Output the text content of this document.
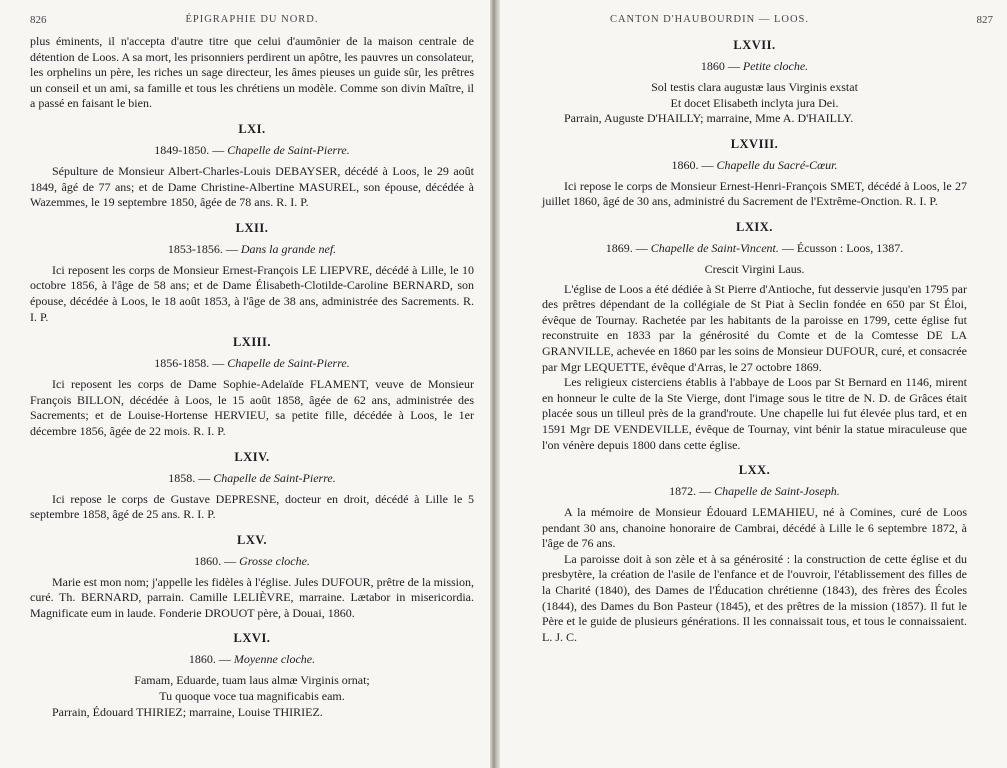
826	ÉPIGRAPHIE DU NORD.

plus éminents, il n'accepta d'autre titre que celui d'aumônier de la maison centrale de détention de Loos. A sa mort, les prisonniers perdirent un apôtre, les pauvres un consolateur, les orphelins un père, les riches un sage directeur, les âmes pieuses un guide sûr, les prêtres un conseil et un ami, sa famille et tous les chrétiens un modèle. Comme son divin Maître, il a passé en faisant le bien.

LXI.
1849-1850. — Chapelle de Saint-Pierre.

Sépulture de Monsieur Albert-Charles-Louis DEBAYSER, décédé à Loos, le 29 août 1849, âgé de 77 ans; et de Dame Christine-Albertine MASUREL, son épouse, décédée à Wazemmes, le 19 septembre 1850, âgée de 78 ans. R. I. P.

LXII.
1853-1856. — Dans la grande nef.

Ici reposent les corps de Monsieur Ernest-François LE LIEPVRE, décédé à Lille, le 10 octobre 1856, à l'âge de 58 ans; et de Dame Élisabeth-Clotilde-Caroline BERNARD, son épouse, décédée à Loos, le 18 août 1853, à l'âge de 38 ans, administrée des Sacrements. R. I. P.

LXIII.
1856-1858. — Chapelle de Saint-Pierre.

Ici reposent les corps de Dame Sophie-Adelaïde FLAMENT, veuve de Monsieur François BILLON, décédée à Loos, le 15 août 1858, âgée de 62 ans, administrée des Sacrements; et de Louise-Hortense HERVIEU, sa petite fille, décédée à Loos, le 1er décembre 1856, âgée de 22 mois. R. I. P.

LXIV.
1858. — Chapelle de Saint-Pierre.

Ici repose le corps de Gustave DEPRESNE, docteur en droit, décédé à Lille le 5 septembre 1858, âgé de 25 ans. R. I. P.

LXV.
1860. — Grosse cloche.

Marie est mon nom; j'appelle les fidèles à l'église. Jules DUFOUR, prêtre de la mission, curé. Th. BERNARD, parrain. Camille LELIÈVRE, marraine. Lætabor in misericordia. Magnificate eum in laude. Fonderie DROUOT père, à Douai, 1860.

LXVI.
1860. — Moyenne cloche.

Famam, Eduarde, tuam laus almæ Virginis ornat;

Tu quoque voce tua magnificabis eam.

Parrain, Édouard THIRIEZ; marraine, Louise THIRIEZ.

CANTON D'HAUBOURDIN — LOOS.	827
LXVII.
1860 — Petite cloche.

Sol testis clara augustæ laus Virginis exstat

Et docet Elisabeth inclyta jura Dei.

Parrain, Auguste D'HAILLY; marraine, Mme A. D'HAILLY.

LXVIII.
1860. — Chapelle du Sacré-Cœur.

Ici repose le corps de Monsieur Ernest-Henri-François SMET, décédé à Loos, le 27 juillet 1860, âgé de 30 ans, administré du Sacrement de l'Extrême-Onction. R. I. P.

LXIX.
1869. — Chapelle de Saint-Vincent. — Écusson : Loos, 1387.

Crescit Virgini Laus.

L'église de Loos a été dédiée à St Pierre d'Antioche, fut desservie jusqu'en 1795 par des prêtres dépendant de la collégiale de St Piat à Seclin fondée en 650 par St Éloi, évêque de Tournay. Rachetée par les habitants de la paroisse en 1799, cette église fut reconstruite en 1833 par la générosité du Comte et de la Comtesse DE LA GRANVILLE, achevée en 1860 par les soins de Monsieur DUFOUR, curé, et consacrée par Mgr LEQUETTE, évêque d'Arras, le 27 octobre 1869.

Les religieux cisterciens établis à l'abbaye de Loos par St Bernard en 1146, mirent en honneur le culte de la Ste Vierge, dont l'image sous le titre de N. D. de Grâces était placée sous un tilleul près de la grand'route. Une chapelle lui fut élevée plus tard, et en 1591 Mgr DE VENDEVILLE, évêque de Tournay, vint bénir la statue miraculeuse que l'on vénère depuis 1800 dans cette église.

LXX.
1872. — Chapelle de Saint-Joseph.

A la mémoire de Monsieur Édouard LEMAHIEU, né à Comines, curé de Loos pendant 30 ans, chanoine honoraire de Cambrai, décédé à Lille le 6 septembre 1872, à l'âge de 76 ans.

La paroisse doit à son zèle et à sa générosité : la construction de cette église et du presbytère, la création de l'asile de l'enfance et de l'ouvroir, l'établissement des filles de la Charité (1840), des Dames de l'Éducation chrétienne (1843), des frères des Écoles (1844), des Dames du Bon Pasteur (1845), et des prêtres de la mission (1857). Il fut le Père et le guide de plusieurs générations. Il les connaissait tous, et tous le connaissaient. L. J. C.
